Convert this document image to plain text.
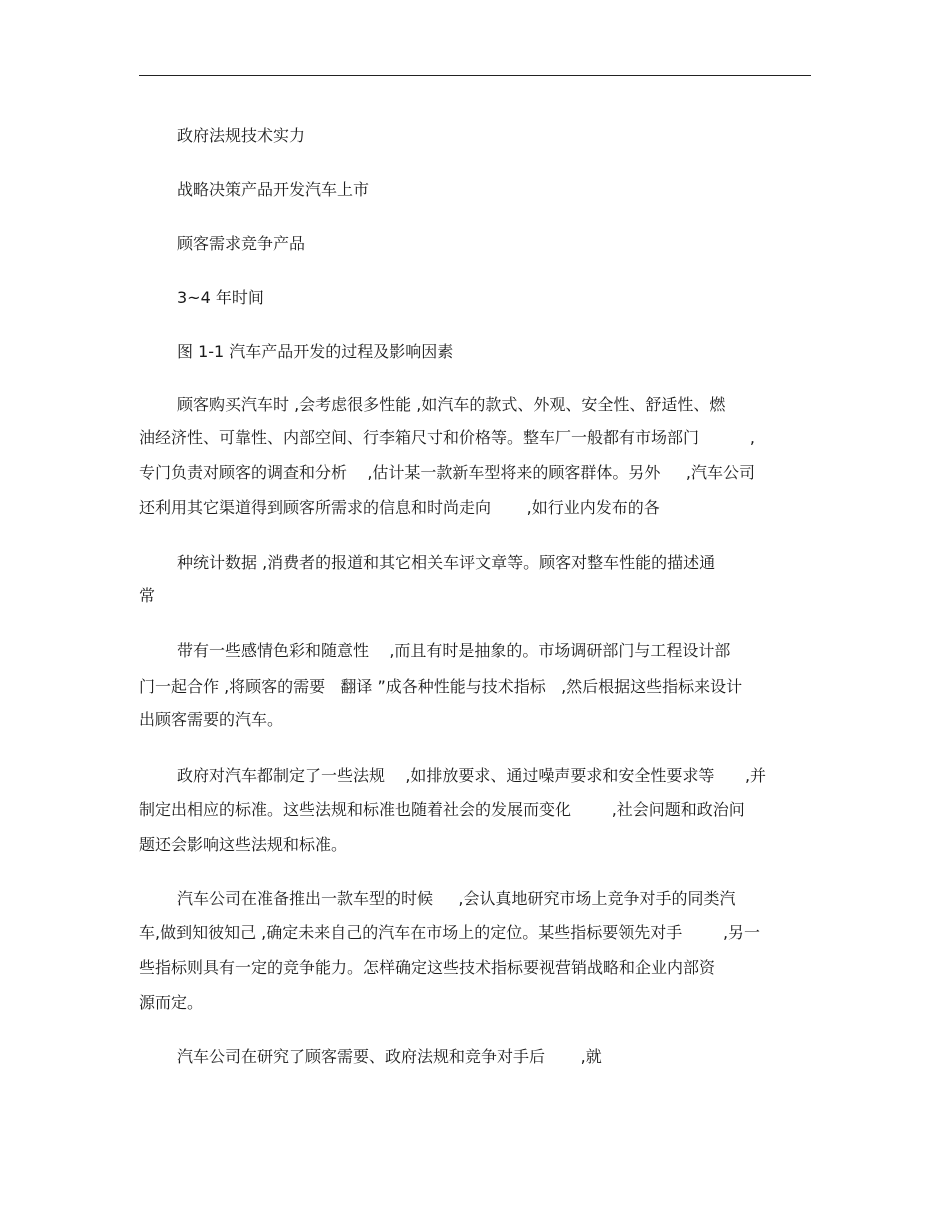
政府法规技术实力
战略决策产品开发汽车上市
顾客需求竞争产品
3~4 年时间
图 1-1 汽车产品开发的过程及影响因素
顾客购买汽车时 ,会考虑很多性能 ,如汽车的款式、外观、安全性、舒适性、燃
油经济性、可靠性、内部空间、行李箱尺寸和价格等。整车厂一般都有市场部门          ,
专门负责对顾客的调查和分析    ,估计某一款新车型将来的顾客群体。另外     ,汽车公司
还利用其它渠道得到顾客所需求的信息和时尚走向       ,如行业内发布的各
种统计数据 ,消费者的报道和其它相关车评文章等。顾客对整车性能的描述通
常
带有一些感情色彩和随意性    ,而且有时是抽象的。市场调研部门与工程设计部
门一起合作 ,将顾客的需要   翻译 ”成各种性能与技术指标   ,然后根据这些指标来设计
出顾客需要的汽车。
政府对汽车都制定了一些法规    ,如排放要求、通过噪声要求和安全性要求等      ,并
制定出相应的标准。这些法规和标准也随着社会的发展而变化        ,社会问题和政治问
题还会影响这些法规和标准。
汽车公司在准备推出一款车型的时候     ,会认真地研究市场上竞争对手的同类汽
车,做到知彼知己 ,确定未来自己的汽车在市场上的定位。某些指标要领先对手        ,另一
些指标则具有一定的竞争能力。怎样确定这些技术指标要视营销战略和企业内部资
源而定。
汽车公司在研究了顾客需要、政府法规和竞争对手后       ,就
